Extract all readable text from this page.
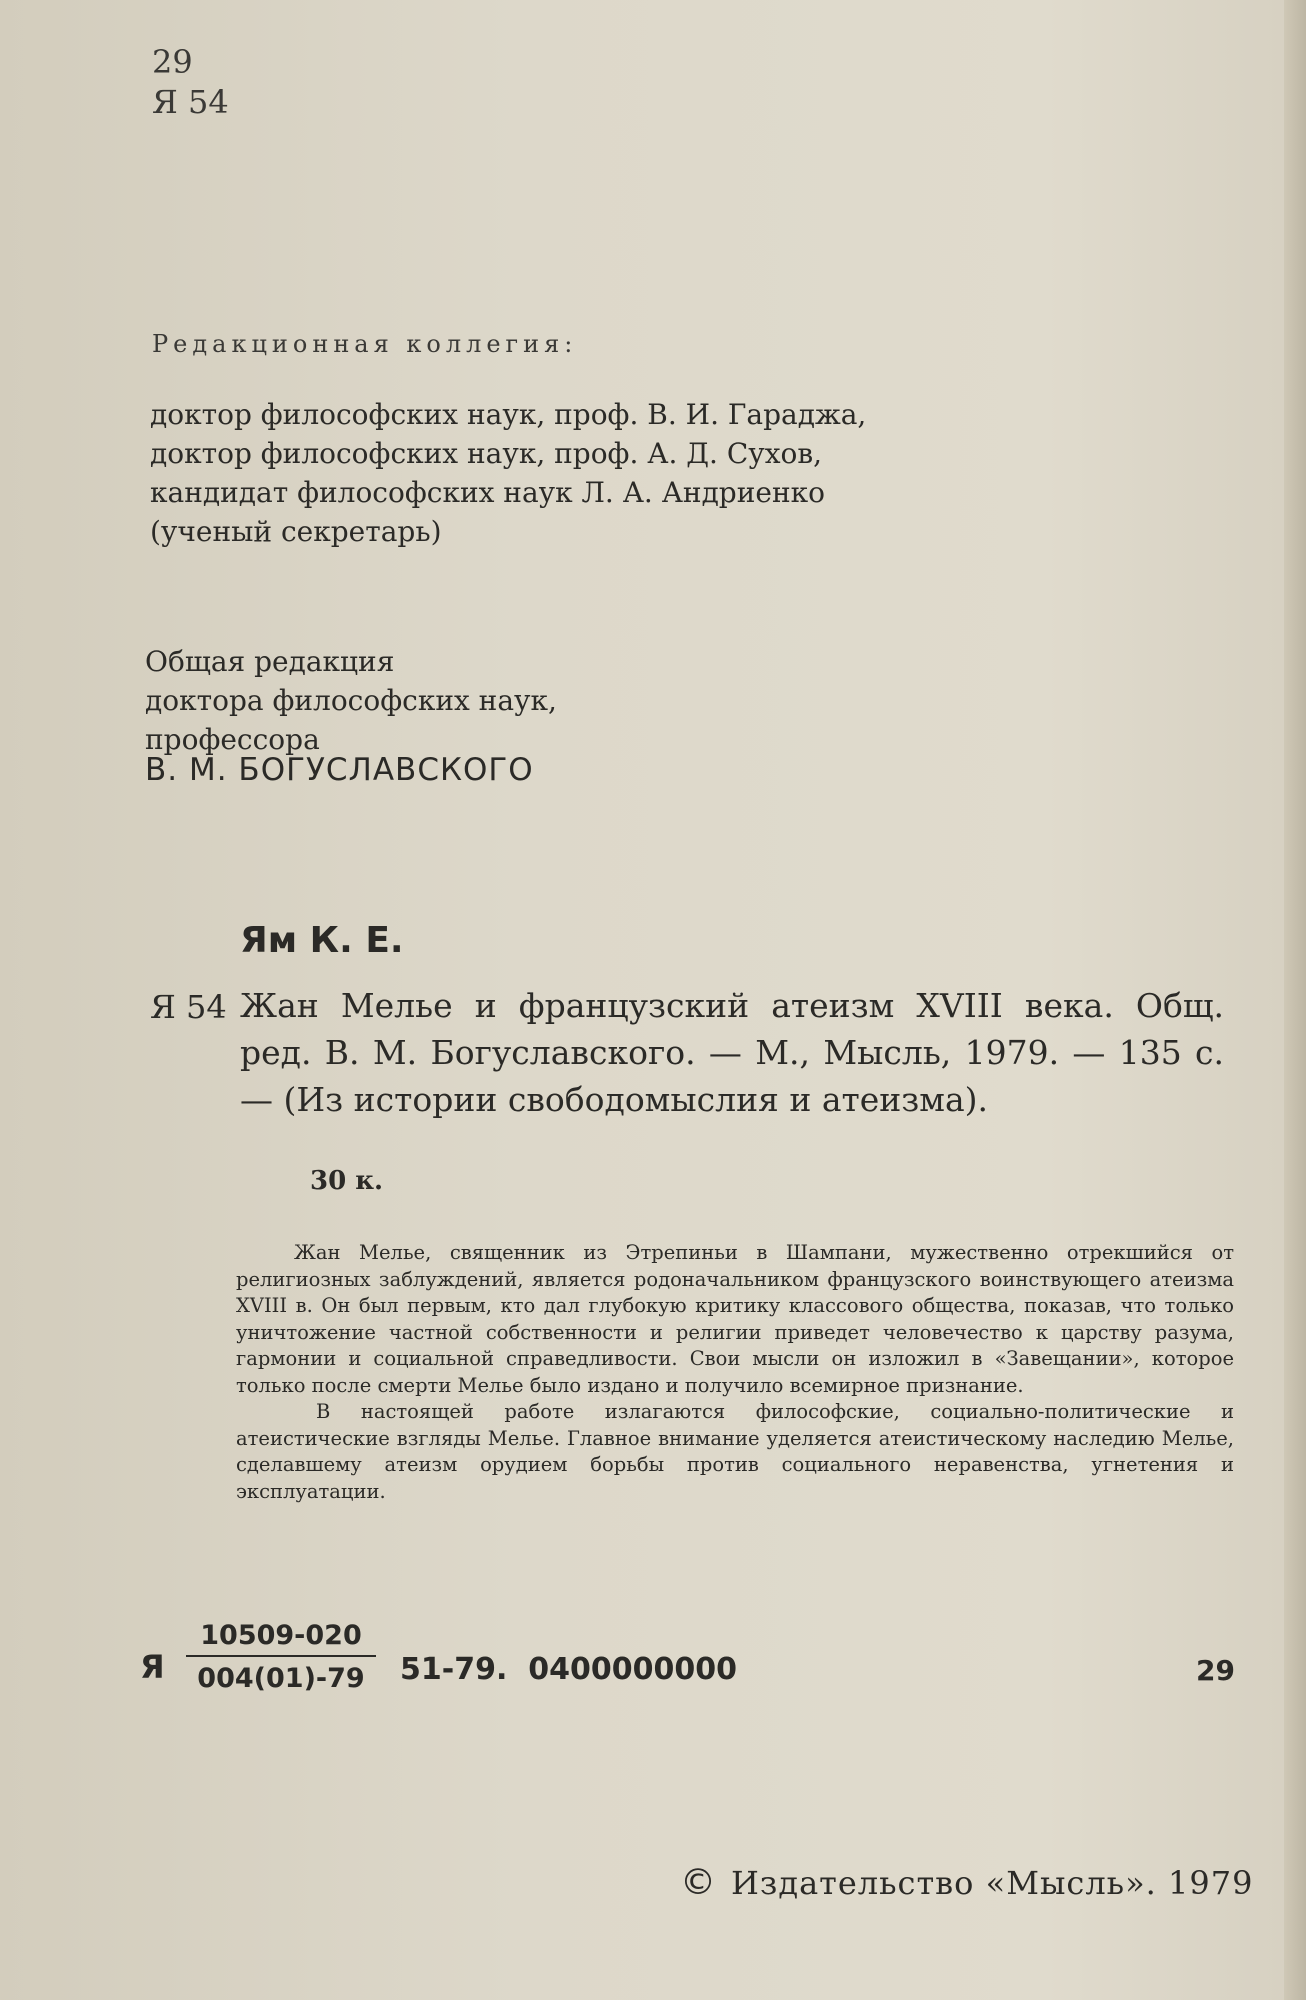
29
Я 54
Редакционная коллегия:
доктор философских наук, проф. В. И. Гараджа,
доктор философских наук, проф. А. Д. Сухов,
кандидат философских наук Л. А. Андриенко
(ученый секретарь)
Общая редакция
доктора философских наук,
профессора
В. М. БОГУСЛАВСКОГО
Ям К. Е.
Я 54 Жан Мелье и французский атеизм XVIII века. Общ. ред. В. М. Богуславского. — М., Мысль, 1979. — 135 с. — (Из истории свободомыслия и атеизма).

30 к.

Жан Мелье, священник из Этрепиньи в Шампани, мужественно отрекшийся от религиозных заблуждений, является родоначальником французского воинствующего атеизма XVIII в. Он был первым, кто дал глубокую критику классового общества, показав, что только уничтожение частной собственности и религии приведет человечество к царству разума, гармонии и социальной справедливости. Свои мысли он изложил в «Завещании», которое только после смерти Мелье было издано и получило всемирное признание.

В настоящей работе излагаются философские, социально-политические и атеистические взгляды Мелье. Главное внимание уделяется атеистическому наследию Мелье, сделавшему атеизм орудием борьбы против социального неравенства, угнетения и эксплуатации.

Я $\frac{10509-020}{004(01)-79} 51-79$.  0400000000	29
© Издательство «Мысль». 1979
